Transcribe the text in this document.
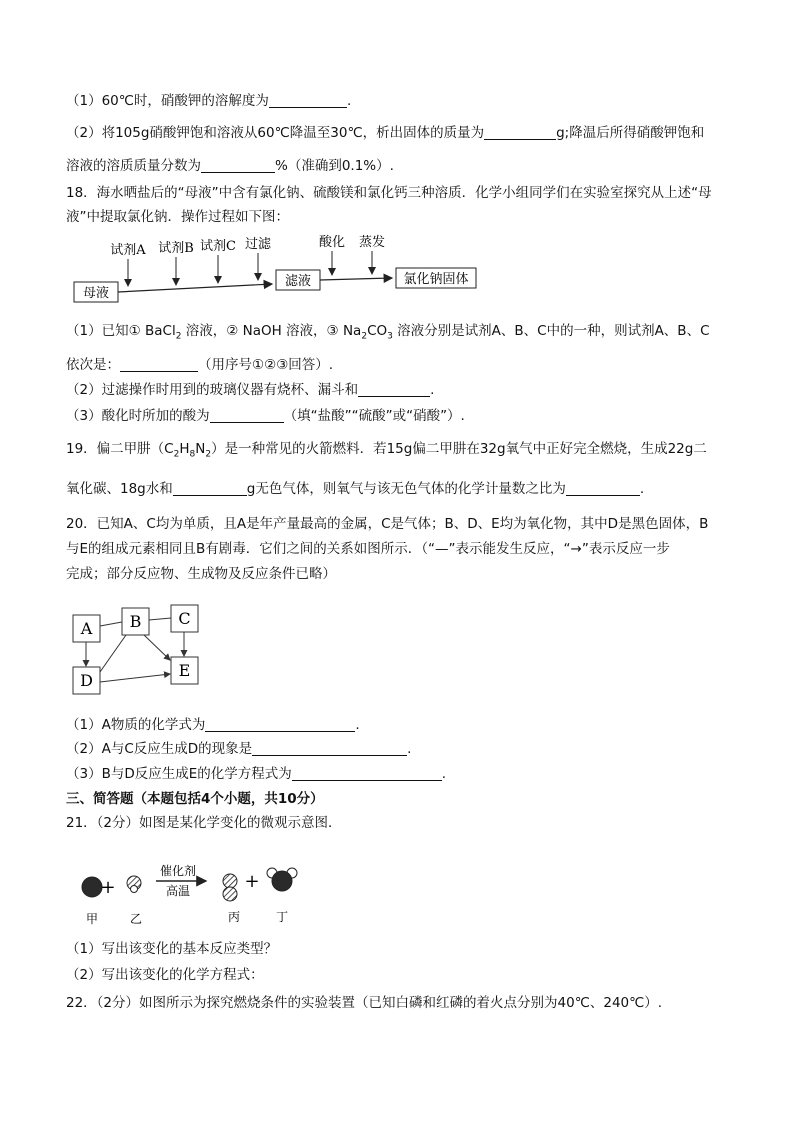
（1）60℃时，硝酸钾的溶解度为	.
（2）将105g硝酸钾饱和溶液从60℃降温至30℃，析出固体的质量为	g;降温后所得硝酸钾饱和
溶液的溶质质量分数为	%（准确到0.1%）.
18．海水晒盐后的“母液”中含有氯化钠、硫酸镁和氯化钙三种溶质．化学小组同学们在实验室探究从上述“母
液”中提取氯化钠．操作过程如下图：
母液
试剂A 试剂B 试剂C 过滤
滤液
酸化 蒸发
氯化钠固体
（1）已知① BaCl$_2$ 溶液，② NaOH 溶液，③ $Na_2CO_3$ 溶液分别是试剂A、B、C中的一种，则试剂A、B、C
依次是：	（用序号①②③回答）.
（2）过滤操作时用到的玻璃仪器有烧杯、漏斗和	.
（3）酸化时所加的酸为	（填“盐酸”“硫酸”或“硝酸”）.
19．偏二甲肼$(C_2H_8N_2)$是一种常见的火箭燃料．若15g偏二甲肼在32g氧气中正好完全燃烧，生成22g二
氧化碳、18g水和	g无色气体，则氧气与该无色气体的化学计量数之比为	.
20．已知A、C均为单质，且A是年产量最高的金属，C是气体；B、D、E均为氧化物，其中D是黑色固体，B
与E的组成元素相同且B有剧毒．它们之间的关系如图所示．（“—”表示能发生反应，“→”表示反应一步
完成；部分反应物、生成物及反应条件已略）
A B C
D
E
（1）A物质的化学式为	.
（2）A与C反应生成D的现象是	.
（3）B与D反应生成E的化学方程式为	.
三、简答题（本题包括4个小题，共10分）
21．（2分）如图是某化学变化的微观示意图．
+
催化剂
高温	+
甲	乙	丙	丁
（1）写出该变化的基本反应类型？
（2）写出该变化的化学方程式：
22．（2分）如图所示为探究燃烧条件的实验装置（已知白磷和红磷的着火点分别为40℃、240℃）.
